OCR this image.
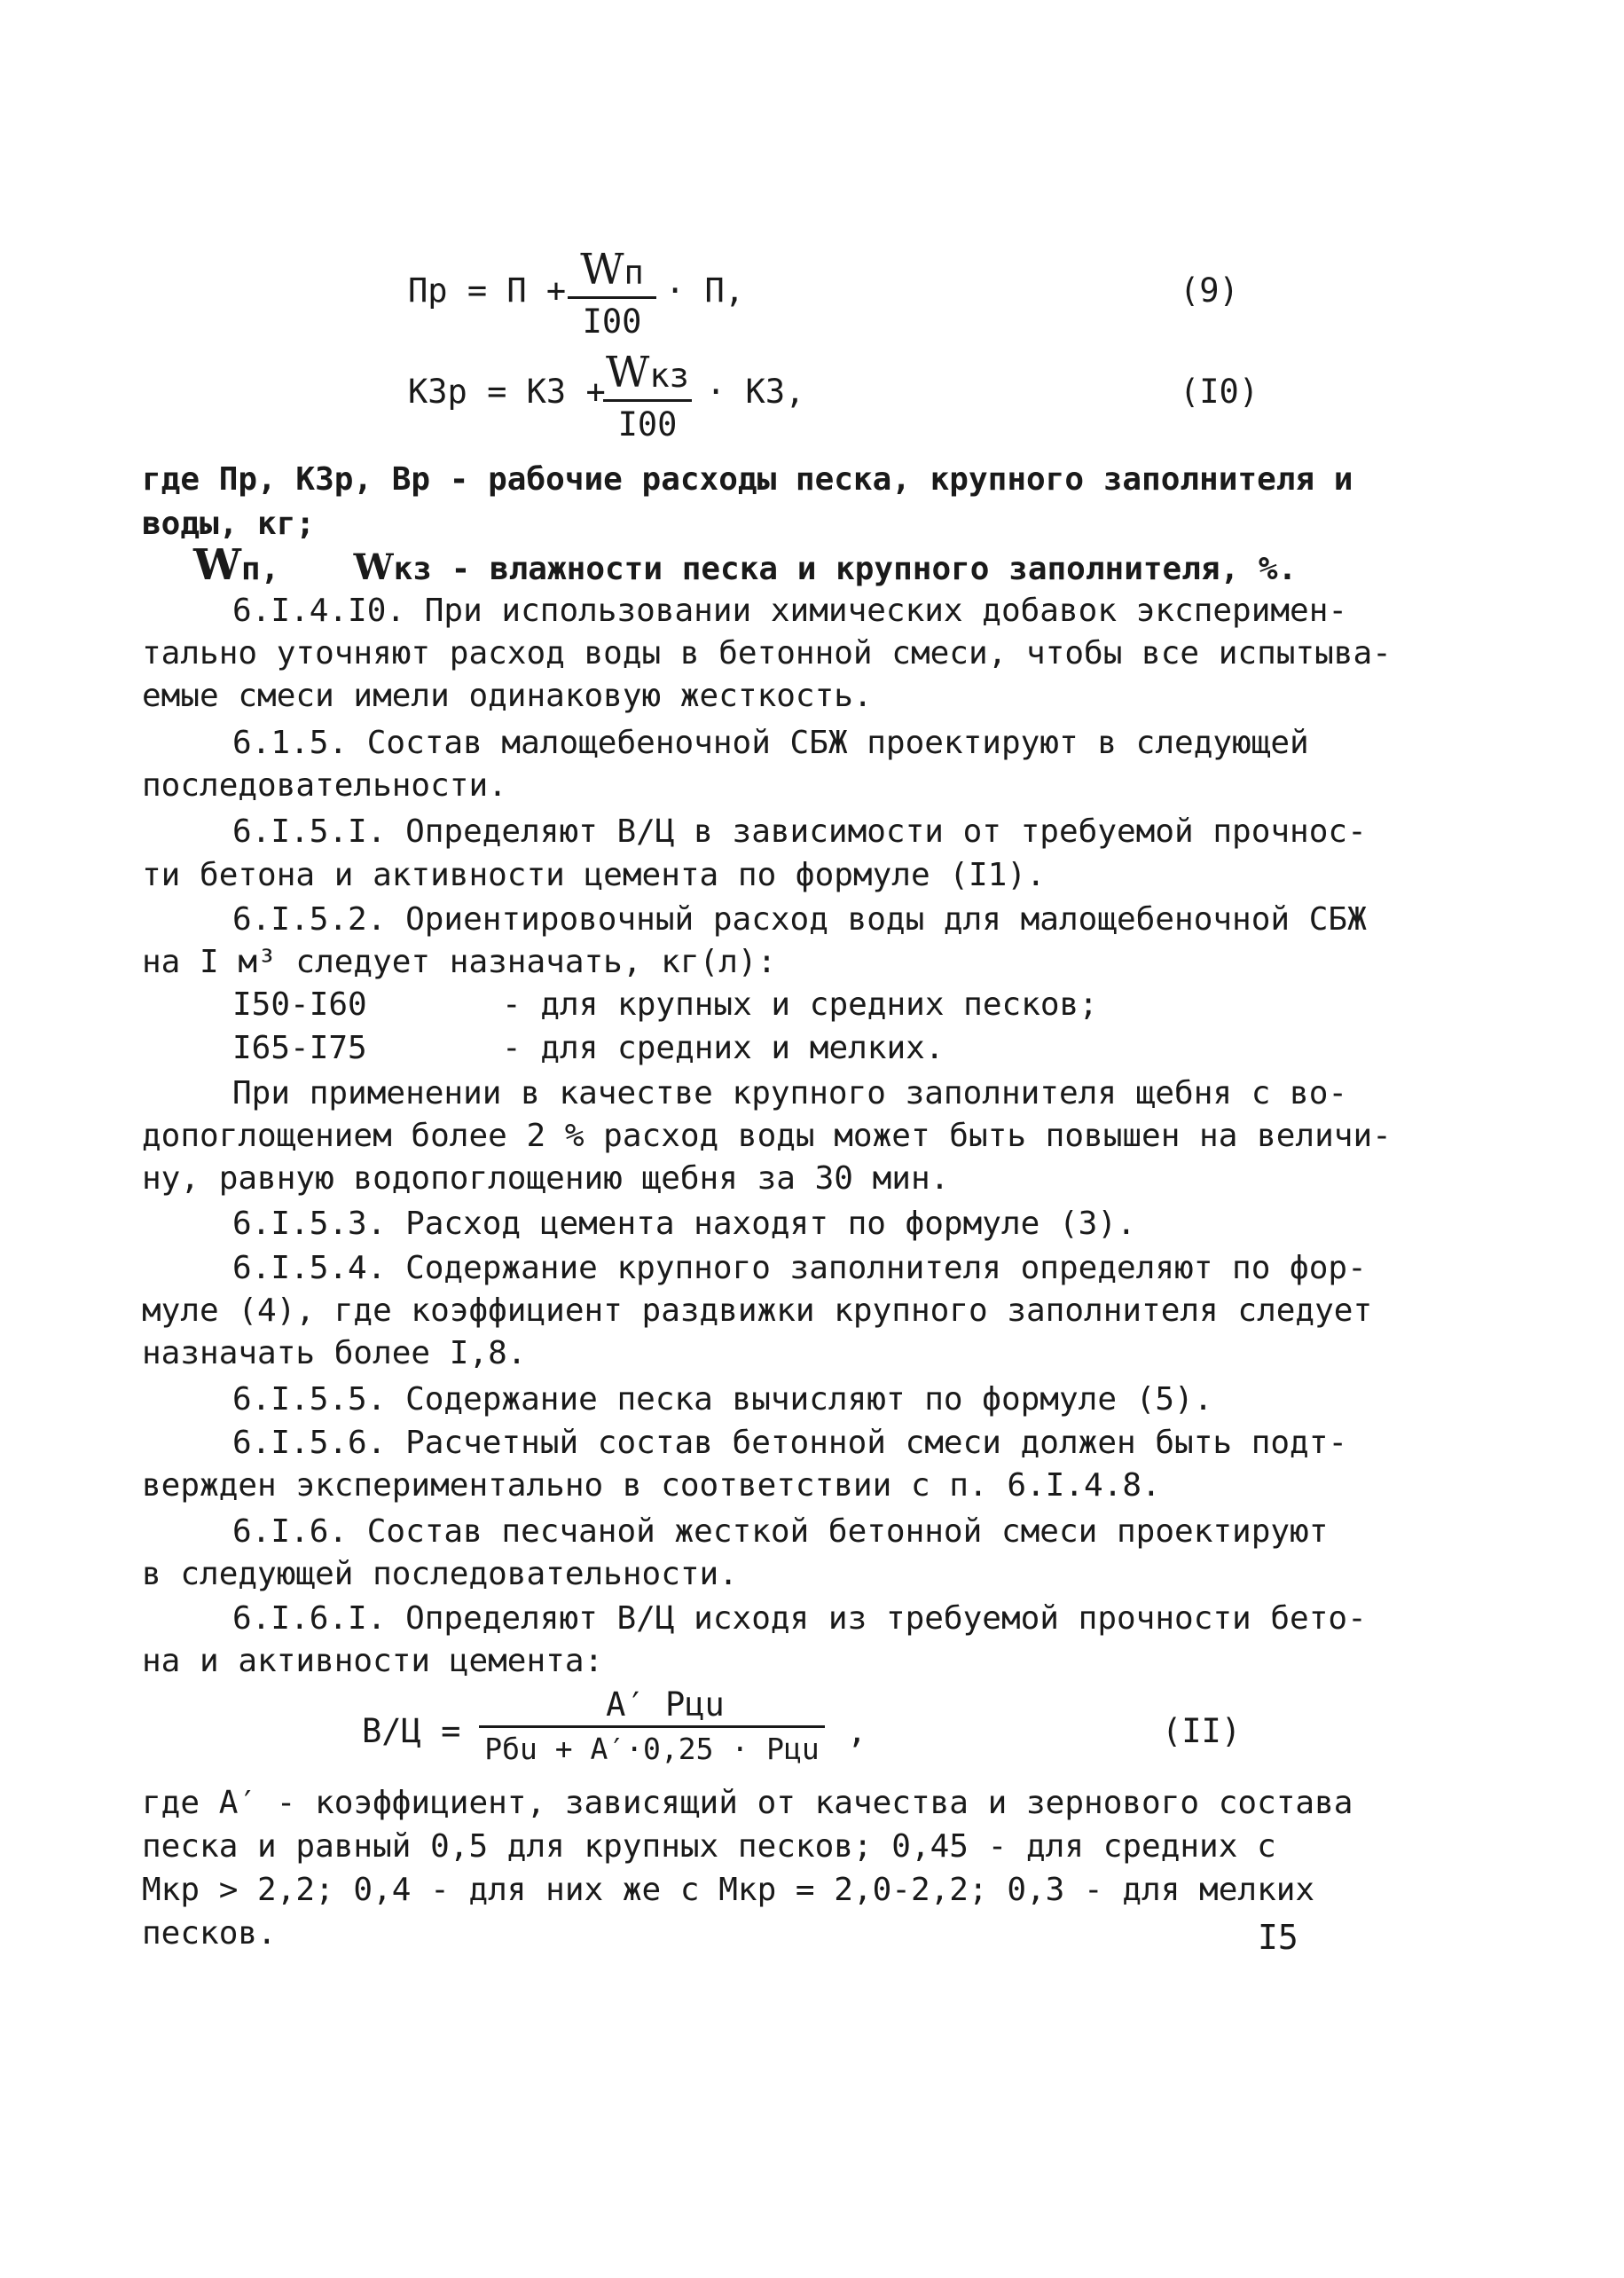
Пр = П + Wп
I00
· П,	(9)
КЗр = КЗ + Wкз
I00
· КЗ,	(I0)
где Пр, КЗр, Вр - рабочие расходы песка, крупного заполнителя и
воды, кг;
Wп, Wкз - влажности песка и крупного заполнителя, %.
6.I.4.I0. При использовании химических добавок эксперимен-
тально уточняют расход воды в бетонной смеси, чтобы все испытыва-
емые смеси имели одинаковую жесткость.
6.1.5. Состав малощебеночной СБЖ проектируют в следующей
последовательности.
6.I.5.I. Определяют В/Ц в зависимости от требуемой прочнос-
ти бетона и активности цемента по формуле (I1).
6.I.5.2. Ориентировочный расход воды для малощебеночной СБЖ
на I м³ следует назначать, кг(л):
I50-I60	- для крупных и средних песков;
I65-I75	- для средних и мелких.
При применении в качестве крупного заполнителя щебня с во-
допоглощением более 2 % расход воды может быть повышен на величи-
ну, равную водопоглощению щебня за 30 мин.
6.I.5.3. Расход цемента находят по формуле (3).
6.I.5.4. Содержание крупного заполнителя определяют по фор-
муле (4), где коэффициент раздвижки крупного заполнителя следует
назначать более I,8.
6.I.5.5. Содержание песка вычисляют по формуле (5).
6.I.5.6. Расчетный состав бетонной смеси должен быть подт-
вержден экспериментально в соответствии с п. 6.I.4.8.
6.I.6. Состав песчаной жесткой бетонной смеси проектируют
в следующей последовательности.
6.I.6.I. Определяют В/Ц исходя из требуемой прочности бето-
на и активности цемента:
В/Ц =
A′ Pцu
Pбu + A′·0,25 · Pцu ,	(II)
где A′ - коэффициент, зависящий от качества и зернового состава
песка и равный 0,5 для крупных песков; 0,45 - для средних с
Мкр > 2,2; 0,4 - для них же с Мкр = 2,0-2,2; 0,3 - для мелких
песков.	I5
